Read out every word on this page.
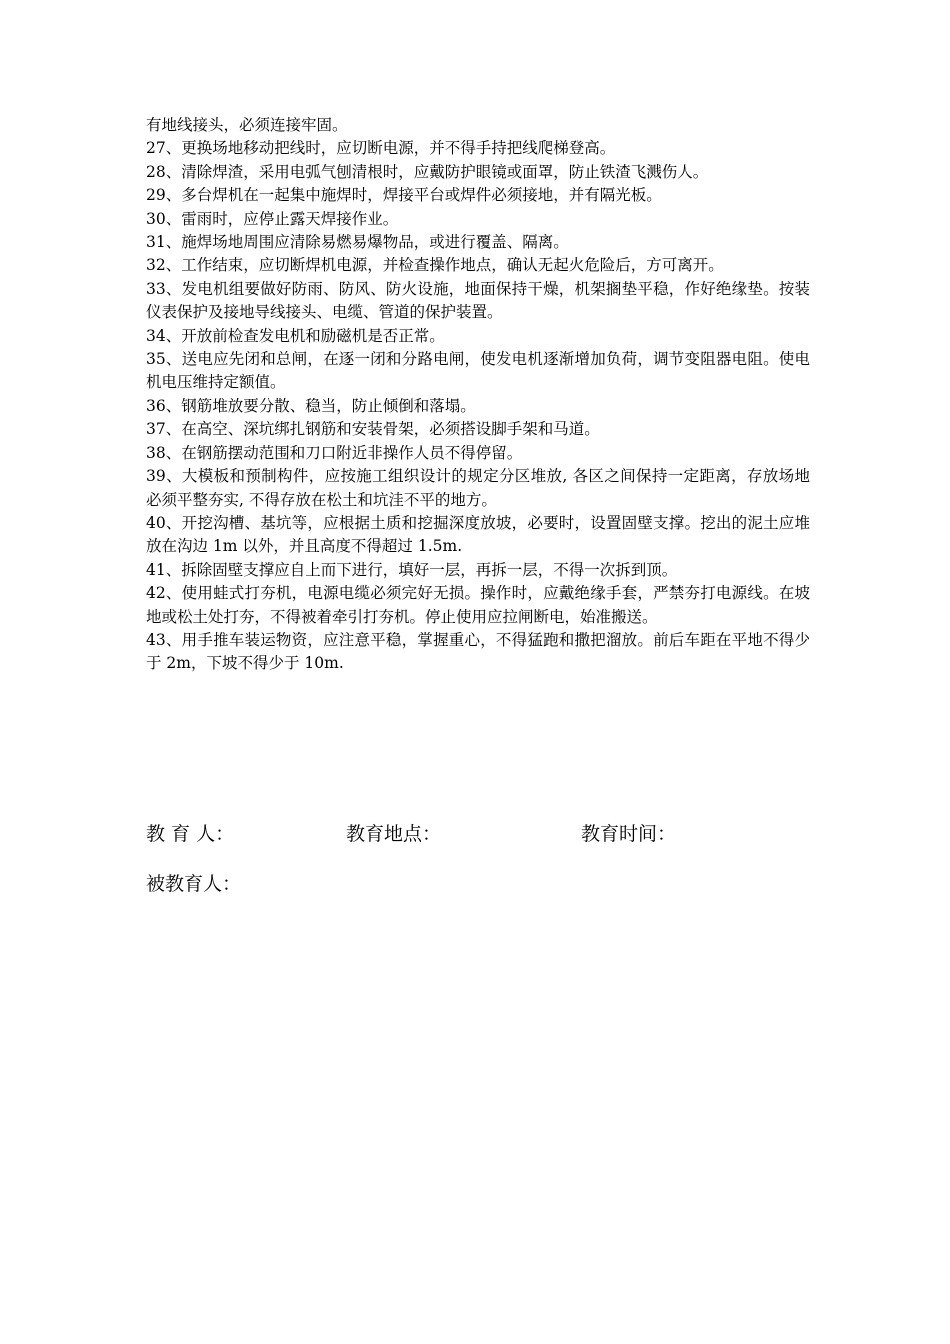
有地线接头，必须连接牢固。

27、更换场地移动把线时，应切断电源，并不得手持把线爬梯登高。

28、清除焊渣，采用电弧气刨清根时，应戴防护眼镜或面罩，防止铁渣飞溅伤人。

29、多台焊机在一起集中施焊时，焊接平台或焊件必须接地，并有隔光板。

30、雷雨时，应停止露天焊接作业。

31、施焊场地周围应清除易燃易爆物品，或进行覆盖、隔离。

32、工作结束，应切断焊机电源，并检查操作地点，确认无起火危险后，方可离开。

33、发电机组要做好防雨、防风、防火设施，地面保持干燥，机架搁垫平稳，作好绝缘垫。按装仪表保护及接地导线接头、电缆、管道的保护装置。

34、开放前检查发电机和励磁机是否正常。

35、送电应先闭和总闸，在逐一闭和分路电闸，使发电机逐渐增加负荷，调节变阻器电阻。使电机电压维持定额值。

36、钢筋堆放要分散、稳当，防止倾倒和落塌。

37、在高空、深坑绑扎钢筋和安装骨架，必须搭设脚手架和马道。

38、在钢筋摆动范围和刀口附近非操作人员不得停留。

39、大模板和预制构件，应按施工组织设计的规定分区堆放, 各区之间保持一定距离，存放场地必须平整夯实, 不得存放在松土和坑洼不平的地方。

40、开挖沟槽、基坑等，应根据土质和挖掘深度放坡，必要时，设置固壁支撑。挖出的泥土应堆放在沟边 1m 以外，并且高度不得超过 1.5m.

41、拆除固壁支撑应自上而下进行，填好一层，再拆一层，不得一次拆到顶。

42、使用蛙式打夯机，电源电缆必须完好无损。操作时，应戴绝缘手套，严禁夯打电源线。在坡地或松土处打夯，不得被着牵引打夯机。停止使用应拉闸断电，始准搬送。

43、用手推车装运物资，应注意平稳，掌握重心，不得猛跑和撒把溜放。前后车距在平地不得少于 2m，下坡不得少于 10m.

教 育 人：	教育地点：	教育时间：
被教育人：
